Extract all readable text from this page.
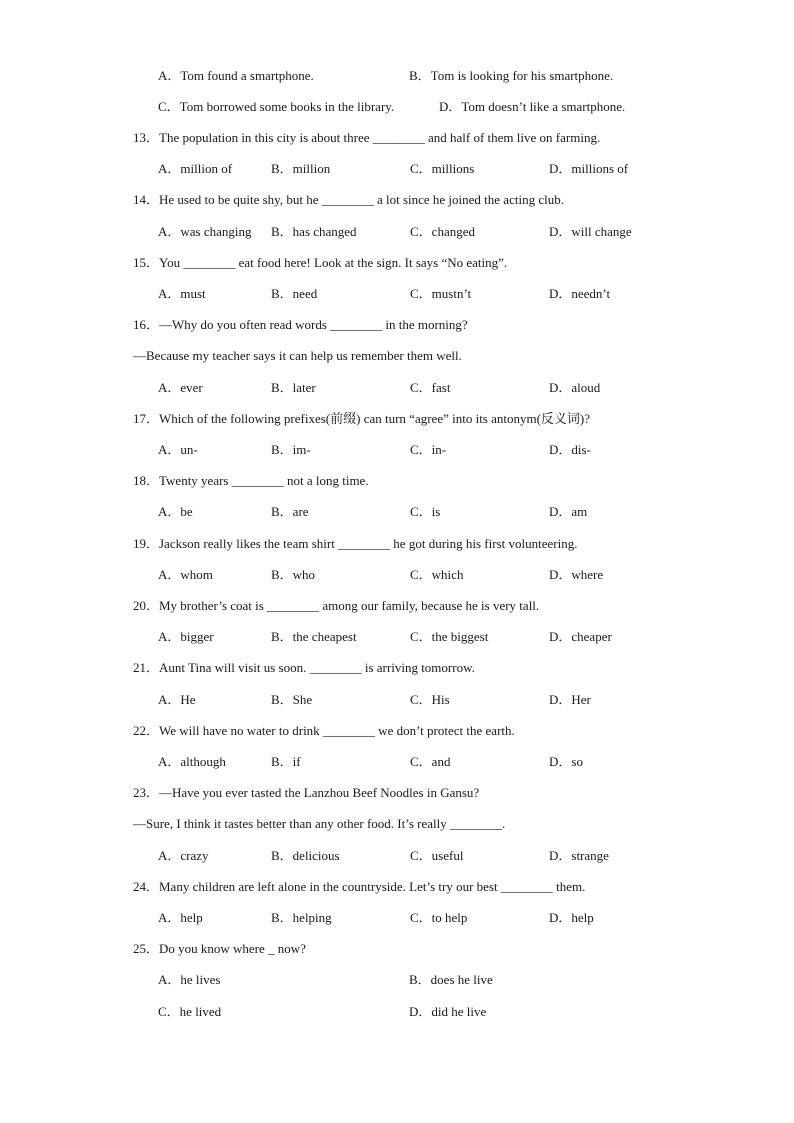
A．Tom found a smartphone.	B．Tom is looking for his smartphone.
C．Tom borrowed some books in the library.	D．Tom doesn’t like a smartphone.
13．The population in this city is about three ________ and half of them live on farming.
A．million of	B．million	C．millions	D．millions of
14．He used to be quite shy, but he ________ a lot since he joined the acting club.
A．was changing B．has changed	C．changed	D．will change
15．You ________ eat food here! Look at the sign. It says “No eating”.
A．must	B．need	C．mustn’t	D．needn’t
16．—Why do you often read words ________ in the morning?
—Because my teacher says it can help us remember them well.
A．ever	B．later	C．fast	D．aloud
17．Which of the following prefixes(前缀) can turn “agree” into its antonym(反义词)?
A．un-	B．im-	C．in-	D．dis-
18．Twenty years ________ not a long time.
A．be	B．are	C．is	D．am
19．Jackson really likes the team shirt ________ he got during his first volunteering.
A．whom	B．who	C．which	D．where
20．My brother’s coat is ________ among our family, because he is very tall.
A．bigger	B．the cheapest	C．the biggest	D．cheaper
21．Aunt Tina will visit us soon. ________ is arriving tomorrow.
A．He	B．She	C．His	D．Her
22．We will have no water to drink ________ we don’t protect the earth.
A．although	B．if	C．and	D．so
23．—Have you ever tasted the Lanzhou Beef Noodles in Gansu?
—Sure, I think it tastes better than any other food. It’s really ________.
A．crazy	B．delicious	C．useful	D．strange
24．Many children are left alone in the countryside. Let’s try our best ________ them.
A．help	B．helping	C．to help	D．help
25．Do you know where _ now?
A．he lives	B．does he live
C．he lived	D．did he live
